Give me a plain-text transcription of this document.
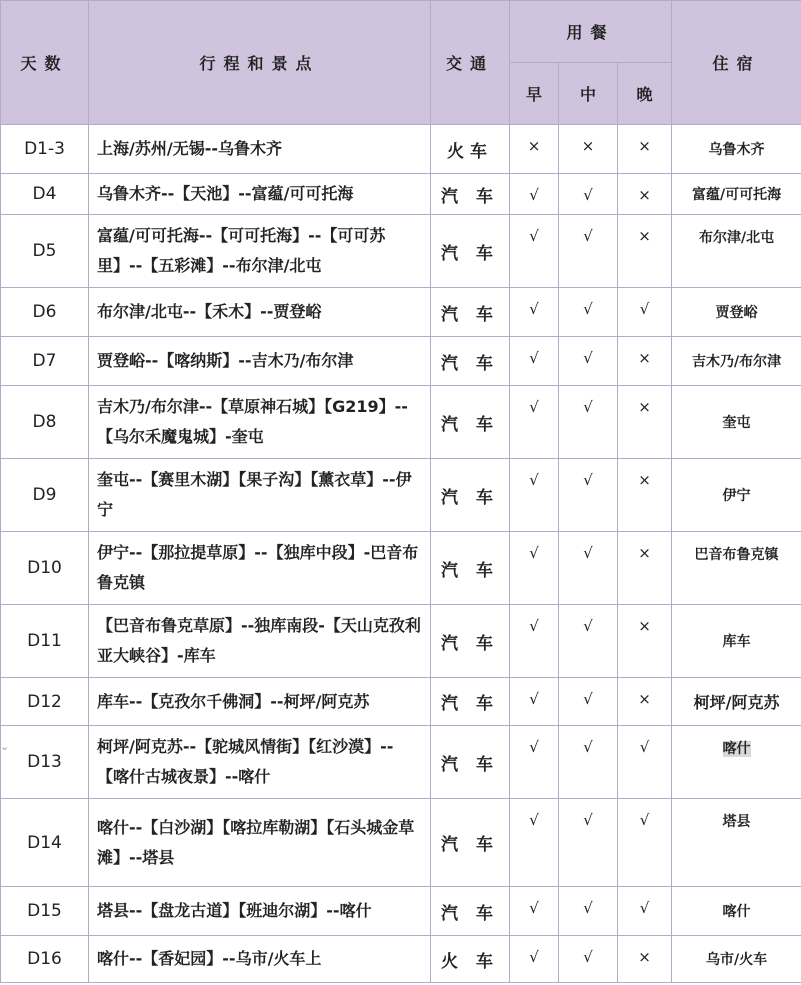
天数	行程和景点	交通	用餐			住宿
			早	中	晚	
D1-3	上海/苏州/无锡--乌鲁木齐	火车	×	×	×	乌鲁木齐
D4	乌鲁木齐--【天池】--富蕴/可可托海	汽 车	√	√	×	富蕴/可可托海
D5	富蕴/可可托海--【可可托海】--【可可苏里】--【五彩滩】--布尔津/北屯	汽 车	√	√	×	布尔津/北屯
D6	布尔津/北屯--【禾木】--贾登峪	汽 车	√	√	√	贾登峪
D7	贾登峪--【喀纳斯】--吉木乃/布尔津	汽 车	√	√	×	吉木乃/布尔津
D8	吉木乃/布尔津--【草原神石城】【G219】--【乌尔禾魔鬼城】-奎屯	汽 车	√	√	×	奎屯
D9	奎屯--【赛里木湖】【果子沟】【薰衣草】--伊宁	汽 车	√	√	×	伊宁
D10	伊宁--【那拉提草原】--【独库中段】-巴音布鲁克镇	汽 车	√	√	×	巴音布鲁克镇
D11	【巴音布鲁克草原】--独库南段-【天山克孜利亚大峡谷】-库车	汽 车	√	√	×	库车
D12	库车--【克孜尔千佛洞】--柯坪/阿克苏	汽 车	√	√	×	柯坪/阿克苏
D13	柯坪/阿克苏--【驼城风情街】【红沙漠】--【喀什古城夜景】--喀什	汽 车	√	√	√	喀什
D14	喀什--【白沙湖】【喀拉库勒湖】【石头城金草滩】--塔县	汽 车	√	√	√	塔县
D15	塔县--【盘龙古道】【班迪尔湖】--喀什	汽 车	√	√	√	喀什
D16	喀什--【香妃园】--乌市/火车上	火 车	√	√	×	乌市/火车
⌄
